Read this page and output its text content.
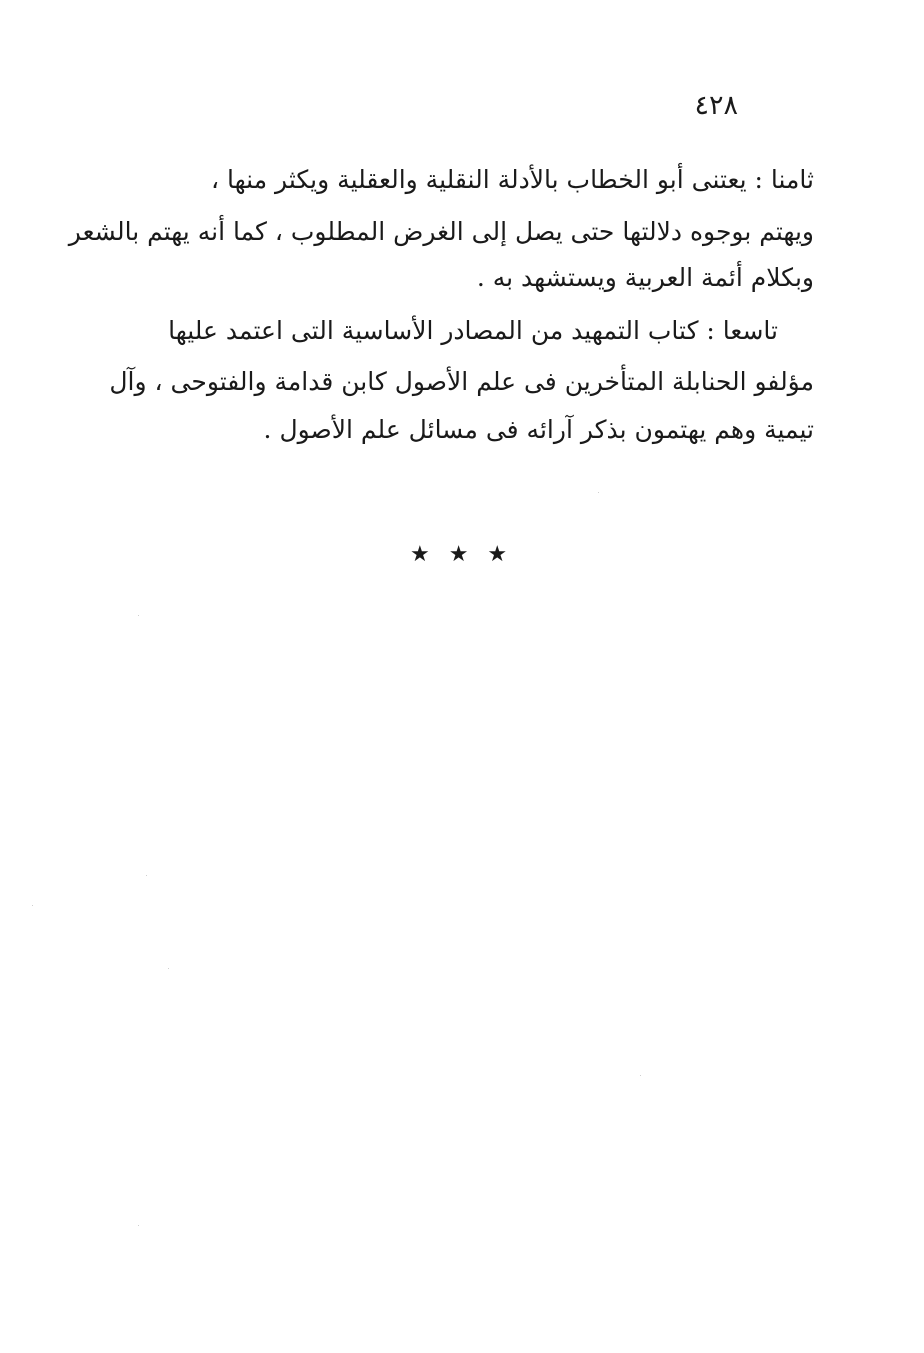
٤٢٨
ثامنا : يعتنى أبو الخطاب بالأدلة النقلية والعقلية ويكثر منها ،
ويهتم بوجوه دلالتها حتى يصل إلى الغرض المطلوب ، كما أنه يهتم بالشعر
وبكلام أئمة العربية ويستشهد به .
تاسعا : كتاب التمهيد من المصادر الأساسية التى اعتمد عليها
مؤلفو الحنابلة المتأخرين فى علم الأصول كابن قدامة والفتوحى ، وآل
تيمية وهم يهتمون بذكر آرائه فى مسائل علم الأصول .
★ ★ ★
